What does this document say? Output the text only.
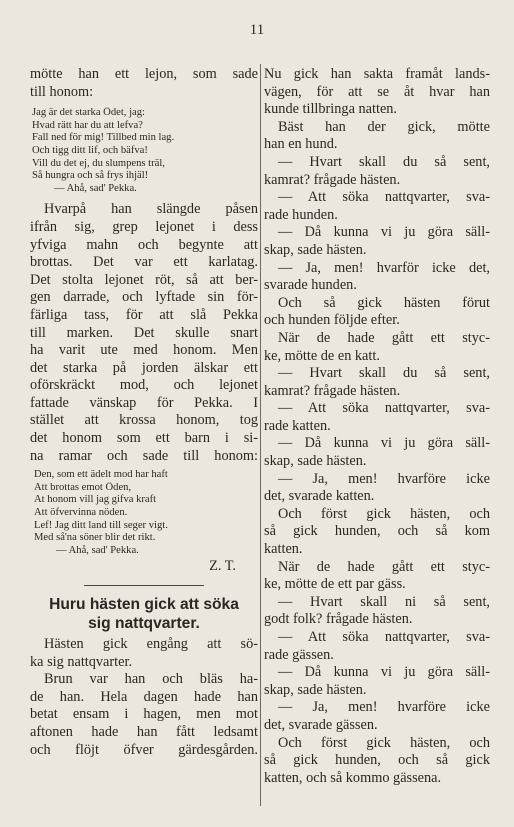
11
mötte han ett lejon, som sade
till honom:
Jag är det starka Ödet, jag:
Hvad rätt har du att lefva?
Fall ned för mig! Tillbed min lag.
Och tigg ditt lif, och bäfva!
Vill du det ej, du slumpens träl,
Så hungra och så frys ihjäl!
— Ahå, sad' Pekka.
Hvarpå han slängde påsen
ifrån sig, grep lejonet i dess
yfviga mahn och begynte att
brottas. Det var ett karlatag.
Det stolta lejonet röt, så att ber-
gen darrade, och lyftade sin för-
färliga tass, för att slå Pekka
till marken. Det skulle snart
ha varit ute med honom. Men
det starka på jorden älskar ett
oförskräckt mod, och lejonet
fattade vänskap för Pekka. I
stället att krossa honom, tog
det honom som ett barn i si-
na ramar och sade till honom:
Den, som ett ädelt mod har haft
Att brottas emot Öden,
At honom vill jag gifva kraft
Att öfvervinna nöden.
Lef! Jag ditt land till seger vigt.
Med så'na söner blir det rikt.
— Ahå, sad' Pekka.
Z. T.
Huru hästen gick att söka
sig nattqvarter.
Hästen gick engång att sö-
ka sig nattqvarter.
Brun var han och bläs ha-
de han. Hela dagen hade han
betat ensam i hagen, men mot
aftonen hade han fått ledsamt
och flöjt öfver gärdesgården.
Nu gick han sakta framåt lands-
vägen, för att se åt hvar han
kunde tillbringa natten.
Bäst han der gick, mötte
han en hund.
— Hvart skall du så sent,
kamrat? frågade hästen.
— Att söka nattqvarter, sva-
rade hunden.
— Då kunna vi ju göra säll-
skap, sade hästen.
— Ja, men! hvarför icke det,
svarade hunden.
Och så gick hästen förut
och hunden följde efter.
När de hade gått ett styc-
ke, mötte de en katt.
— Hvart skall du så sent,
kamrat? frågade hästen.
— Att söka nattqvarter, sva-
rade katten.
— Då kunna vi ju göra säll-
skap, sade hästen.
— Ja, men! hvarföre icke
det, svarade katten.
Och först gick hästen, och
så gick hunden, och så kom
katten.
När de hade gått ett styc-
ke, mötte de ett par gäss.
— Hvart skall ni så sent,
godt folk? frågade hästen.
— Att söka nattqvarter, sva-
rade gässen.
— Då kunna vi ju göra säll-
skap, sade hästen.
— Ja, men! hvarföre icke
det, svarade gässen.
Och först gick hästen, och
så gick hunden, och så gick
katten, och så kommo gässena.
